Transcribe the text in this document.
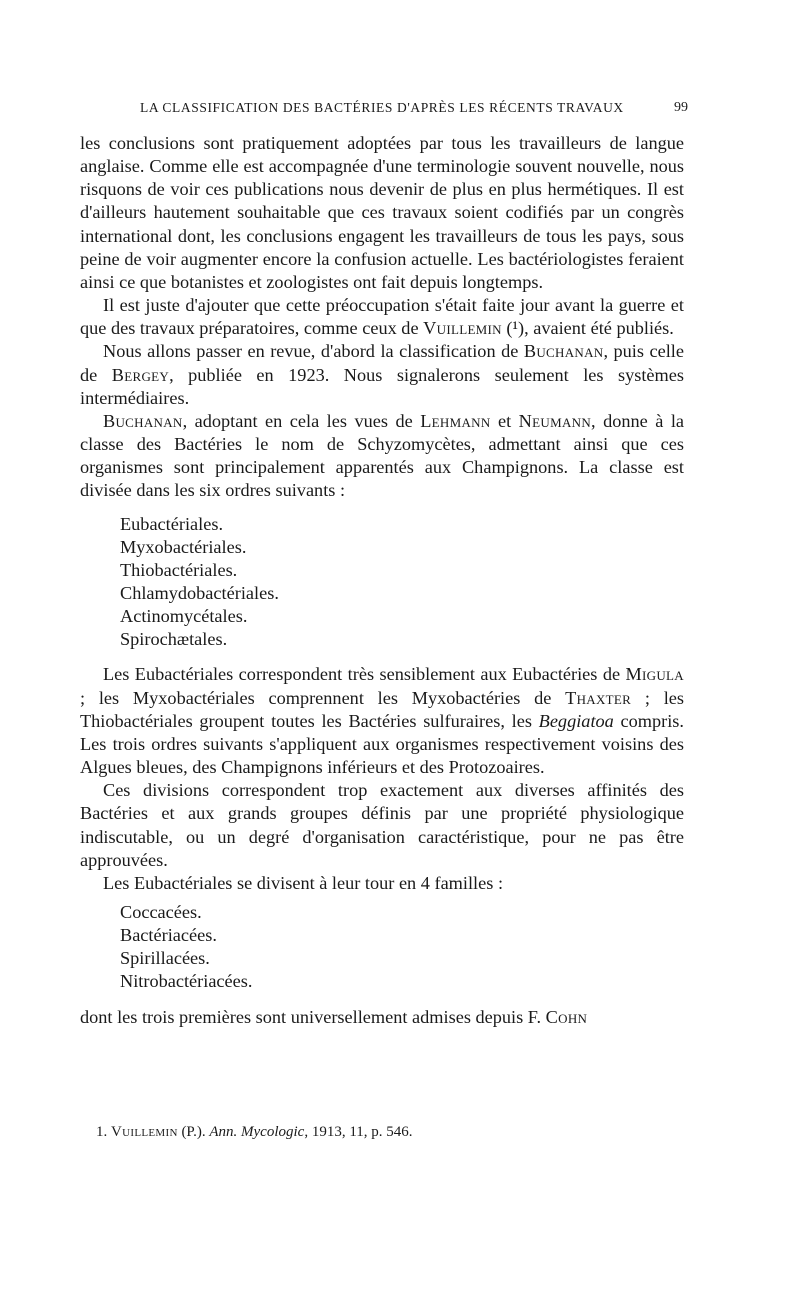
LA CLASSIFICATION DES BACTÉRIES D'APRÈS LES RÉCENTS TRAVAUX	99

les conclusions sont pratiquement adoptées par tous les travailleurs de langue anglaise. Comme elle est accompagnée d'une terminologie souvent nouvelle, nous risquons de voir ces publications nous devenir de plus en plus hermétiques. Il est d'ailleurs hautement souhaitable que ces travaux soient codifiés par un congrès international dont, les conclusions engagent les travailleurs de tous les pays, sous peine de voir augmenter encore la confusion actuelle. Les bactériologistes feraient ainsi ce que botanistes et zoologistes ont fait depuis longtemps.

Il est juste d'ajouter que cette préoccupation s'était faite jour avant la guerre et que des travaux préparatoires, comme ceux de Vuillemin (¹), avaient été publiés.

Nous allons passer en revue, d'abord la classification de Buchanan, puis celle de Bergey, publiée en 1923. Nous signalerons seulement les systèmes intermédiaires.

Buchanan, adoptant en cela les vues de Lehmann et Neumann, donne à la classe des Bactéries le nom de Schyzomycètes, admettant ainsi que ces organismes sont principalement apparentés aux Champignons. La classe est divisée dans les six ordres suivants :

Eubactériales.
Myxobactériales.
Thiobactériales.
Chlamydobactériales.
Actinomycétales.
Spirochætales.

Les Eubactériales correspondent très sensiblement aux Eubactéries de Migula ; les Myxobactériales comprennent les Myxobactéries de Thaxter ; les Thiobactériales groupent toutes les Bactéries sulfuraires, les Beggiatoa compris. Les trois ordres suivants s'appliquent aux organismes respectivement voisins des Algues bleues, des Champignons inférieurs et des Protozoaires.

Ces divisions correspondent trop exactement aux diverses affinités des Bactéries et aux grands groupes définis par une propriété physiologique indiscutable, ou un degré d'organisation caractéristique, pour ne pas être approuvées.

Les Eubactériales se divisent à leur tour en 4 familles :

Coccacées.
Bactériacées.
Spirillacées.
Nitrobactériacées.

dont les trois premières sont universellement admises depuis F. Cohn

1. Vuillemin (P.). Ann. Mycologic, 1913, 11, p. 546.
